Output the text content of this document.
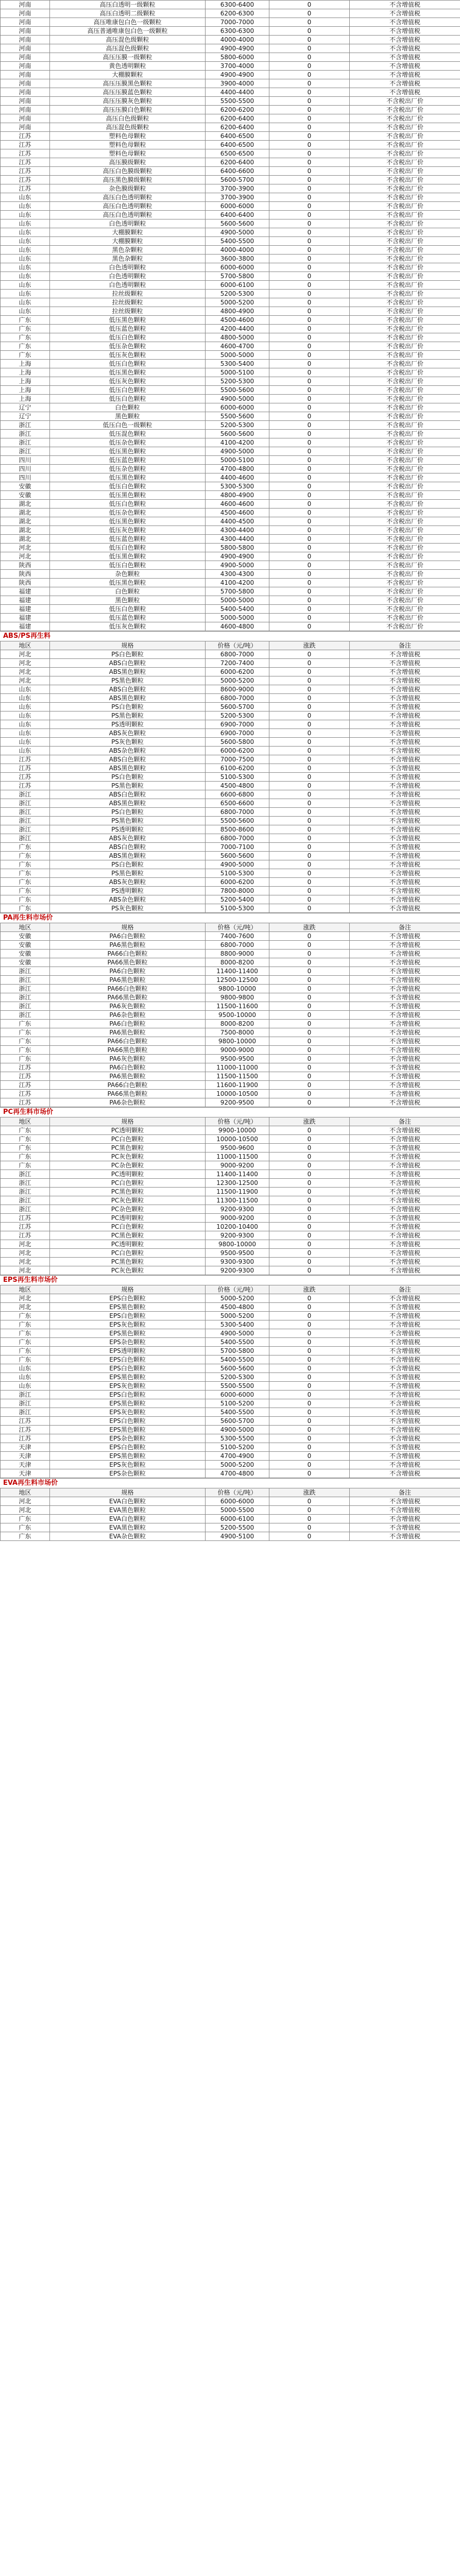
河南	高压白透明一级颗粒	6300-6400	0	不含增值税
河南	高压白透明二级颗粒	6200-6300	0	不含增值税
河南	高压唯康包白色一级颗粒	7000-7000	0	不含增值税
河南	高压普通唯康包白色一级颗粒	6300-6300	0	不含增值税
河南	高压混色级颗粒	4000-4000	0	不含增值税
河南	高压混色级颗粒	4900-4900	0	不含增值税
河南	高压压膜一级颗粒	5800-6000	0	不含增值税
河南	黄色透明颗粒	3700-4000	0	不含增值税
河南	大棚膜颗粒	4900-4900	0	不含增值税
河南	高压压膜黑色颗粒	3900-4000	0	不含增值税
河南	高压压膜蓝色颗粒	4400-4400	0	不含增值税
河南	高压压膜灰色颗粒	5500-5500	0	不含税出厂价
河南	高压压膜白色颗粒	6200-6200	0	不含税出厂价
河南	高压白色级颗粒	6200-6400	0	不含税出厂价
河南	高压混色级颗粒	6200-6400	0	不含税出厂价
江苏	塑料色母颗粒	6400-6500	0	不含税出厂价
江苏	塑料色母颗粒	6400-6500	0	不含税出厂价
江苏	塑料色母颗粒	6500-6500	0	不含税出厂价
江苏	高压膜级颗粒	6200-6400	0	不含税出厂价
江苏	高压白色膜级颗粒	6400-6600	0	不含税出厂价
江苏	高压黑色膜级颗粒	5600-5700	0	不含税出厂价
江苏	杂色膜级颗粒	3700-3900	0	不含税出厂价
山东	高压白色透明颗粒	3700-3900	0	不含税出厂价
山东	高压白色透明颗粒	6000-6000	0	不含税出厂价
山东	高压白色透明颗粒	6400-6400	0	不含税出厂价
山东	白色透明颗粒	5600-5600	0	不含税出厂价
山东	大棚膜颗粒	4900-5000	0	不含税出厂价
山东	大棚膜颗粒	5400-5500	0	不含税出厂价
山东	黑色杂颗粒	4000-4000	0	不含税出厂价
山东	黑色杂颗粒	3600-3800	0	不含税出厂价
山东	白色透明颗粒	6000-6000	0	不含税出厂价
山东	白色透明颗粒	5700-5800	0	不含税出厂价
山东	白色透明颗粒	6000-6100	0	不含税出厂价
山东	拉丝级颗粒	5200-5300	0	不含税出厂价
山东	拉丝级颗粒	5000-5200	0	不含税出厂价
山东	拉丝级颗粒	4800-4900	0	不含税出厂价
广东	低压黑色颗粒	4500-4600	0	不含税出厂价
广东	低压蓝色颗粒	4200-4400	0	不含税出厂价
广东	低压白色颗粒	4800-5000	0	不含税出厂价
广东	低压杂色颗粒	4600-4700	0	不含税出厂价
广东	低压灰色颗粒	5000-5000	0	不含税出厂价
上海	低压白色颗粒	5300-5400	0	不含税出厂价
上海	低压黑色颗粒	5000-5100	0	不含税出厂价
上海	低压灰色颗粒	5200-5300	0	不含税出厂价
上海	低压白色颗粒	5500-5600	0	不含税出厂价
上海	低压白色颗粒	4900-5000	0	不含税出厂价
辽宁	白色颗粒	6000-6000	0	不含税出厂价
辽宁	黑色颗粒	5500-5600	0	不含税出厂价
浙江	低压白色一级颗粒	5200-5300	0	不含税出厂价
浙江	低压混色颗粒	5600-5600	0	不含税出厂价
浙江	低压杂色颗粒	4100-4200	0	不含税出厂价
浙江	低压黑色颗粒	4900-5000	0	不含税出厂价
四川	低压蓝色颗粒	5000-5100	0	不含税出厂价
四川	低压杂色颗粒	4700-4800	0	不含税出厂价
四川	低压黑色颗粒	4400-4600	0	不含税出厂价
安徽	低压白色颗粒	5300-5300	0	不含税出厂价
安徽	低压黑色颗粒	4800-4900	0	不含税出厂价
湖北	低压白色颗粒	4600-4600	0	不含税出厂价
湖北	低压杂色颗粒	4500-4600	0	不含税出厂价
湖北	低压黑色颗粒	4400-4500	0	不含税出厂价
湖北	低压灰色颗粒	4300-4400	0	不含税出厂价
湖北	低压蓝色颗粒	4300-4400	0	不含税出厂价
河北	低压白色颗粒	5800-5800	0	不含税出厂价
河北	低压黑色颗粒	4900-4900	0	不含税出厂价
陕西	低压白色颗粒	4900-5000	0	不含税出厂价
陕西	杂色颗粒	4300-4300	0	不含税出厂价
陕西	低压黑色颗粒	4100-4200	0	不含税出厂价
福建	白色颗粒	5700-5800	0	不含税出厂价
福建	黑色颗粒	5000-5000	0	不含税出厂价
福建	低压白色颗粒	5400-5400	0	不含税出厂价
福建	低压蓝色颗粒	5000-5000	0	不含税出厂价
福建	低压灰色颗粒	4600-4800	0	不含税出厂价
ABS/PS再生料
地区	规格	价格（元/吨）	涨跌	备注
河北	PS白色颗粒	6800-7000	0	不含增值税
河北	ABS白色颗粒	7200-7400	0	不含增值税
河北	ABS黑色颗粒	6000-6200	0	不含增值税
河北	PS黑色颗粒	5000-5200	0	不含增值税
山东	ABS白色颗粒	8600-9000	0	不含增值税
山东	ABS黑色颗粒	6800-7000	0	不含增值税
山东	PS白色颗粒	5600-5700	0	不含增值税
山东	PS黑色颗粒	5200-5300	0	不含增值税
山东	PS透明颗粒	6900-7000	0	不含增值税
山东	ABS灰色颗粒	6900-7000	0	不含增值税
山东	PS灰色颗粒	5600-5800	0	不含增值税
山东	ABS杂色颗粒	6000-6200	0	不含增值税
江苏	ABS白色颗粒	7000-7500	0	不含增值税
江苏	ABS黑色颗粒	6100-6200	0	不含增值税
江苏	PS白色颗粒	5100-5300	0	不含增值税
江苏	PS黑色颗粒	4500-4800	0	不含增值税
浙江	ABS白色颗粒	6600-6800	0	不含增值税
浙江	ABS黑色颗粒	6500-6600	0	不含增值税
浙江	PS白色颗粒	6800-7000	0	不含增值税
浙江	PS黑色颗粒	5500-5600	0	不含增值税
浙江	PS透明颗粒	8500-8600	0	不含增值税
浙江	ABS灰色颗粒	6800-7000	0	不含增值税
广东	ABS白色颗粒	7000-7100	0	不含增值税
广东	ABS黑色颗粒	5600-5600	0	不含增值税
广东	PS白色颗粒	4900-5000	0	不含增值税
广东	PS黑色颗粒	5100-5300	0	不含增值税
广东	ABS灰色颗粒	6000-6200	0	不含增值税
广东	PS透明颗粒	7800-8000	0	不含增值税
广东	ABS杂色颗粒	5200-5400	0	不含增值税
广东	PS灰色颗粒	5100-5300	0	不含增值税
PA再生料市场价
地区	规格	价格（元/吨）	涨跌	备注
安徽	PA6白色颗粒	7400-7600	0	不含增值税
安徽	PA6黑色颗粒	6800-7000	0	不含增值税
安徽	PA66白色颗粒	8800-9000	0	不含增值税
安徽	PA66黑色颗粒	8000-8200	0	不含增值税
浙江	PA6白色颗粒	11400-11400	0	不含增值税
浙江	PA6黑色颗粒	12500-12500	0	不含增值税
浙江	PA66白色颗粒	9800-10000	0	不含增值税
浙江	PA66黑色颗粒	9800-9800	0	不含增值税
浙江	PA6灰色颗粒	11500-11600	0	不含增值税
浙江	PA6杂色颗粒	9500-10000	0	不含增值税
广东	PA6白色颗粒	8000-8200	0	不含增值税
广东	PA6黑色颗粒	7500-8000	0	不含增值税
广东	PA66白色颗粒	9800-10000	0	不含增值税
广东	PA66黑色颗粒	9000-9000	0	不含增值税
广东	PA6灰色颗粒	9500-9500	0	不含增值税
江苏	PA6白色颗粒	11000-11000	0	不含增值税
江苏	PA6黑色颗粒	11500-11500	0	不含增值税
江苏	PA66白色颗粒	11600-11900	0	不含增值税
江苏	PA66黑色颗粒	10000-10500	0	不含增值税
江苏	PA6杂色颗粒	9200-9500	0	不含增值税
PC再生料市场价
地区	规格	价格（元/吨）	涨跌	备注
广东	PC透明颗粒	9900-10000	0	不含增值税
广东	PC白色颗粒	10000-10500	0	不含增值税
广东	PC黑色颗粒	9500-9600	0	不含增值税
广东	PC灰色颗粒	11000-11500	0	不含增值税
广东	PC杂色颗粒	9000-9200	0	不含增值税
浙江	PC透明颗粒	11400-11400	0	不含增值税
浙江	PC白色颗粒	12300-12500	0	不含增值税
浙江	PC黑色颗粒	11500-11900	0	不含增值税
浙江	PC灰色颗粒	11300-11500	0	不含增值税
浙江	PC杂色颗粒	9200-9300	0	不含增值税
江苏	PC透明颗粒	9000-9200	0	不含增值税
江苏	PC白色颗粒	10200-10400	0	不含增值税
江苏	PC黑色颗粒	9200-9300	0	不含增值税
河北	PC透明颗粒	9800-10000	0	不含增值税
河北	PC白色颗粒	9500-9500	0	不含增值税
河北	PC黑色颗粒	9300-9300	0	不含增值税
河北	PC灰色颗粒	9200-9300	0	不含增值税
EPS再生料市场价
地区	规格	价格（元/吨）	涨跌	备注
河北	EPS白色颗粒	5000-5200	0	不含增值税
河北	EPS黑色颗粒	4500-4800	0	不含增值税
广东	EPS白色颗粒	5000-5200	0	不含增值税
广东	EPS灰色颗粒	5300-5400	0	不含增值税
广东	EPS黑色颗粒	4900-5000	0	不含增值税
广东	EPS杂色颗粒	5400-5500	0	不含增值税
广东	EPS透明颗粒	5700-5800	0	不含增值税
广东	EPS白色颗粒	5400-5500	0	不含增值税
山东	EPS白色颗粒	5600-5600	0	不含增值税
山东	EPS黑色颗粒	5200-5300	0	不含增值税
山东	EPS灰色颗粒	5500-5500	0	不含增值税
浙江	EPS白色颗粒	6000-6000	0	不含增值税
浙江	EPS黑色颗粒	5100-5200	0	不含增值税
浙江	EPS灰色颗粒	5400-5500	0	不含增值税
江苏	EPS白色颗粒	5600-5700	0	不含增值税
江苏	EPS黑色颗粒	4900-5000	0	不含增值税
江苏	EPS杂色颗粒	5300-5500	0	不含增值税
天津	EPS白色颗粒	5100-5200	0	不含增值税
天津	EPS黑色颗粒	4700-4900	0	不含增值税
天津	EPS灰色颗粒	5000-5200	0	不含增值税
天津	EPS杂色颗粒	4700-4800	0	不含增值税
EVA再生料市场价
地区	规格	价格（元/吨）	涨跌	备注
河北	EVA白色颗粒	6000-6000	0	不含增值税
河北	EVA黑色颗粒	5000-5500	0	不含增值税
广东	EVA白色颗粒	6000-6100	0	不含增值税
广东	EVA黑色颗粒	5200-5500	0	不含增值税
广东	EVA杂色颗粒	4900-5100	0	不含增值税
